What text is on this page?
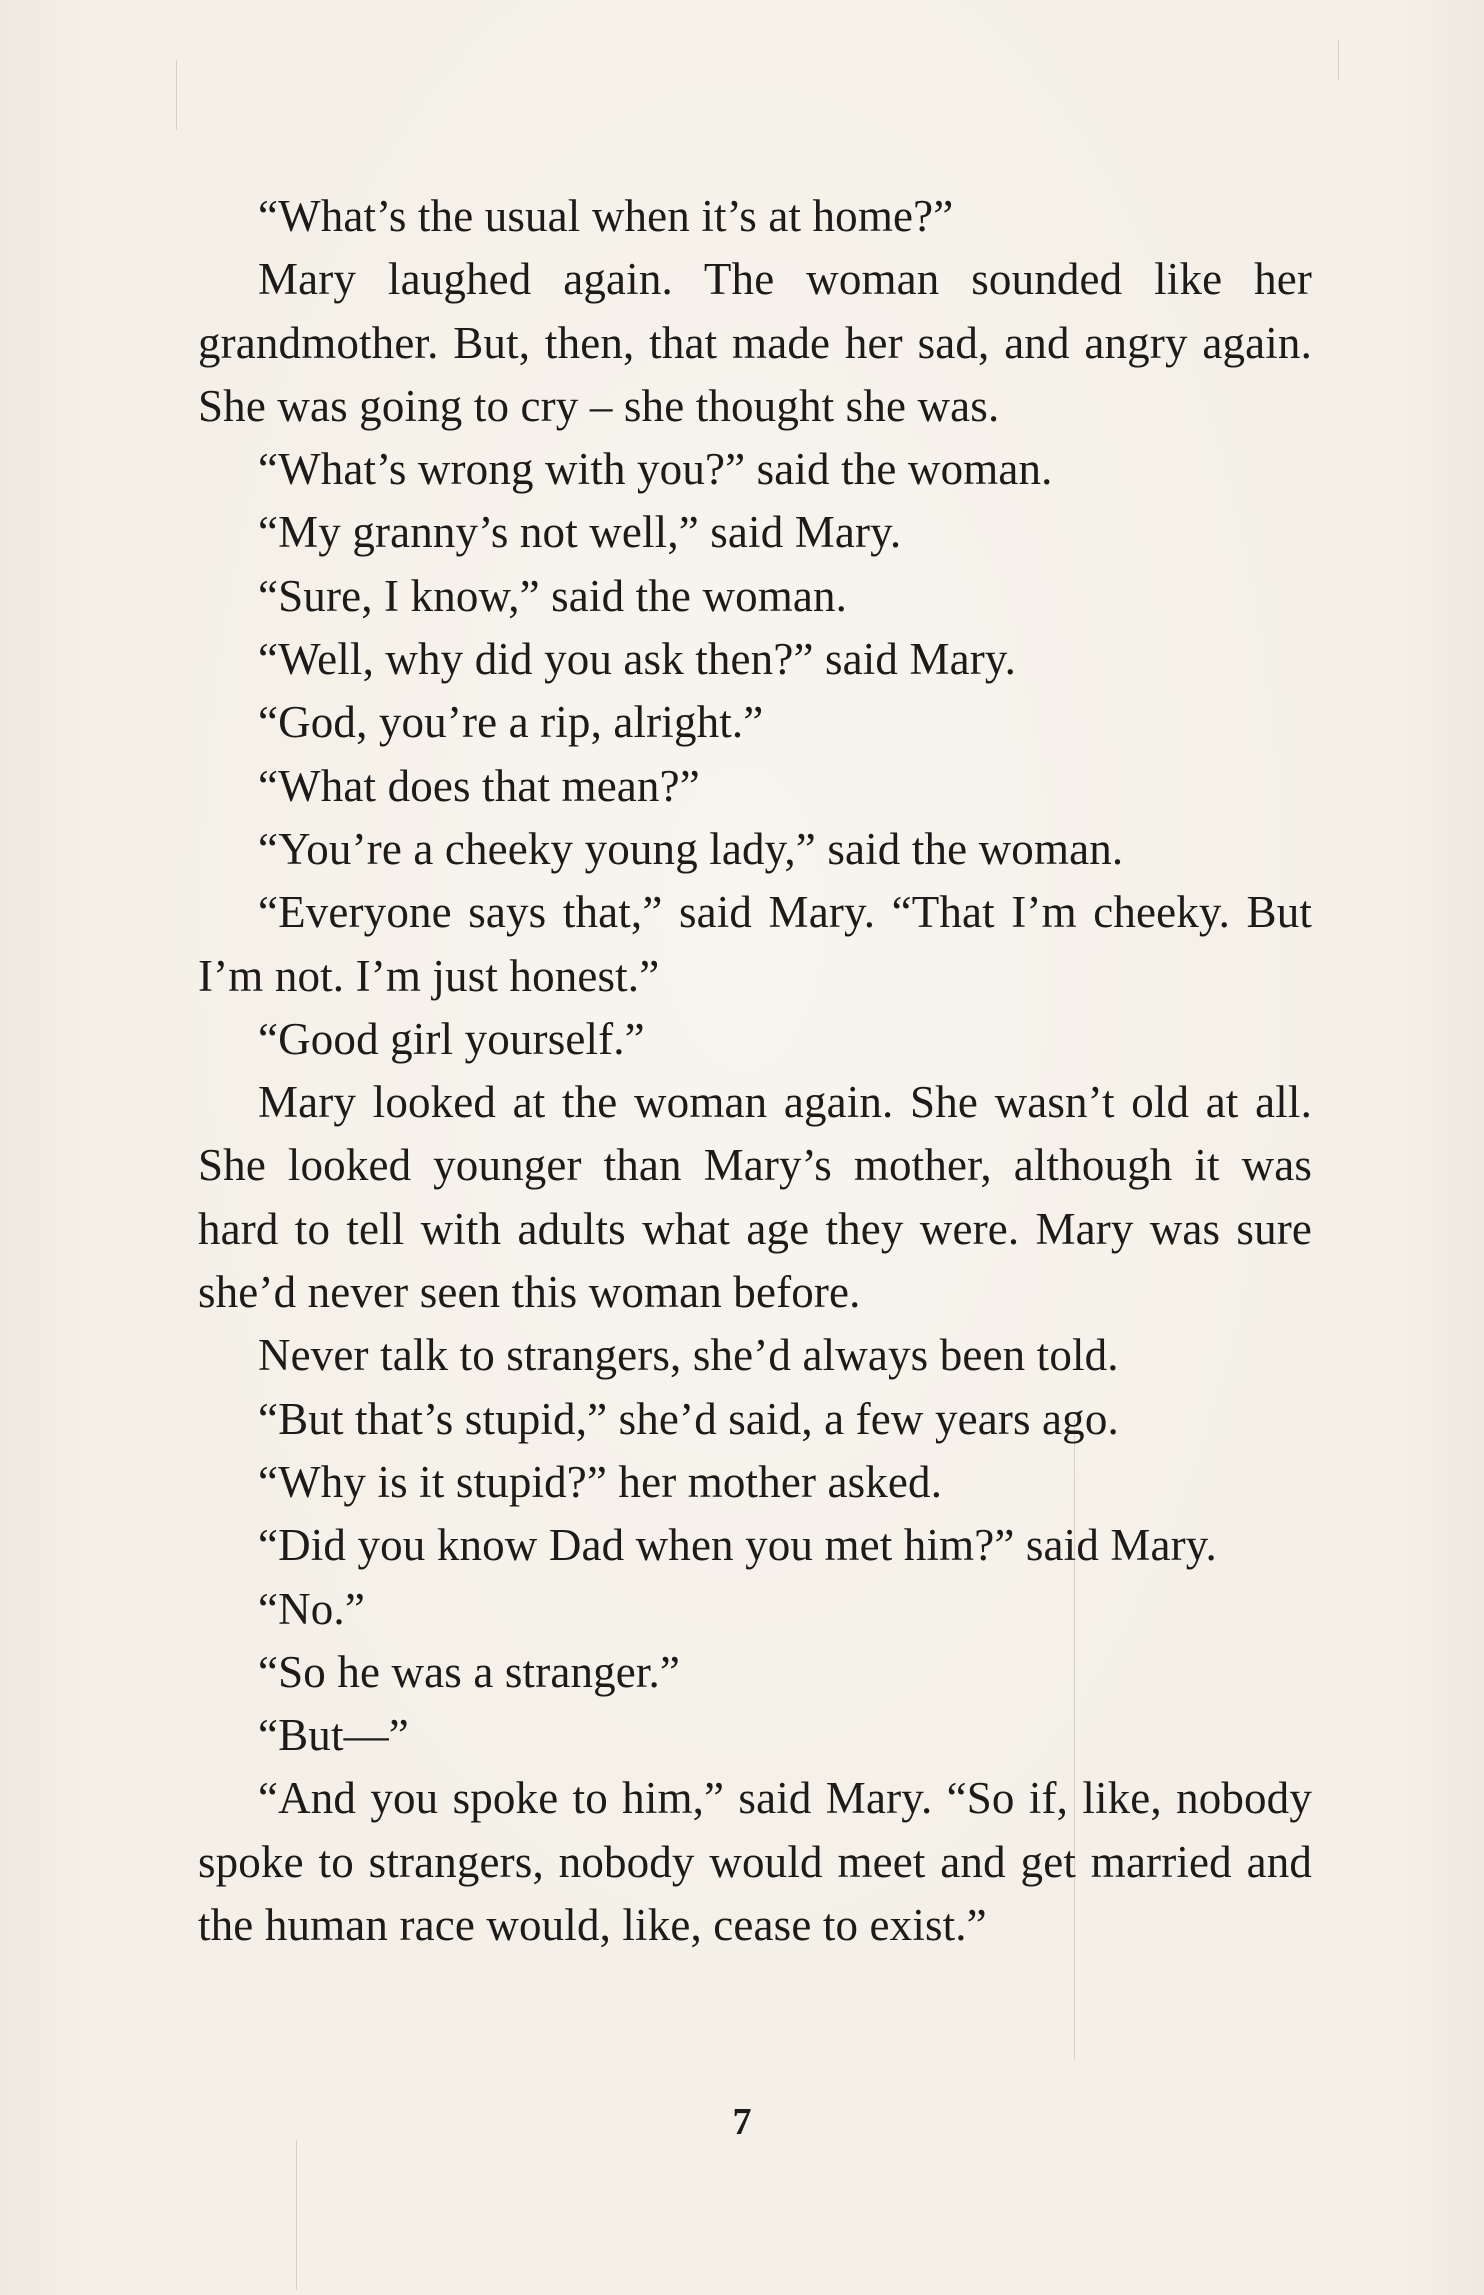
“What’s the usual when it’s at home?”

Mary laughed again. The woman sounded like her grandmother. But, then, that made her sad, and angry again. She was going to cry – she thought she was.

“What’s wrong with you?” said the woman.

“My granny’s not well,” said Mary.

“Sure, I know,” said the woman.

“Well, why did you ask then?” said Mary.

“God, you’re a rip, alright.”

“What does that mean?”

“You’re a cheeky young lady,” said the woman.

“Everyone says that,” said Mary. “That I’m cheeky. But I’m not. I’m just honest.”

“Good girl yourself.”

Mary looked at the woman again. She wasn’t old at all. She looked younger than Mary’s mother, although it was hard to tell with adults what age they were. Mary was sure she’d never seen this woman before.

Never talk to strangers, she’d always been told.

“But that’s stupid,” she’d said, a few years ago.

“Why is it stupid?” her mother asked.

“Did you know Dad when you met him?” said Mary.

“No.”

“So he was a stranger.”

“But—”

“And you spoke to him,” said Mary. “So if, like, nobody spoke to strangers, nobody would meet and get married and the human race would, like, cease to exist.”

7
